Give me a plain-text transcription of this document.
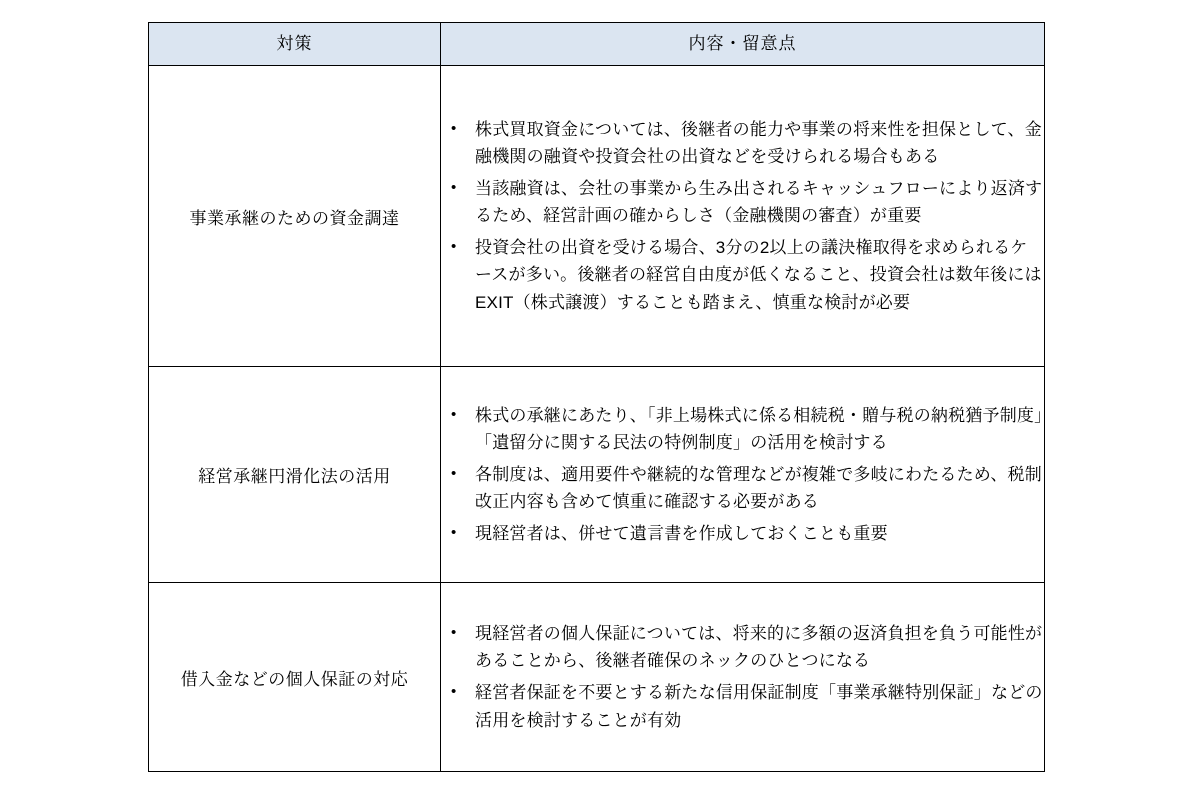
対策	内容・留意点
事業承継のための資金調達	
• 株式買取資金については、後継者の能力や事業の将来性を担保として、金融機関の融資や投資会社の出資などを受けられる場合もある
• 当該融資は、会社の事業から生み出されるキャッシュフローにより返済するため、経営計画の確からしさ（金融機関の審査）が重要
• 投資会社の出資を受ける場合、3分の2以上の議決権取得を求められるケースが多い。後継者の経営自由度が低くなること、投資会社は数年後にはEXIT（株式譲渡）することも踏まえ、慎重な検討が必要

経営承継円滑化法の活用	
• 株式の承継にあたり、「非上場株式に係る相続税・贈与税の納税猶予制度」「遺留分に関する民法の特例制度」の活用を検討する
• 各制度は、適用要件や継続的な管理などが複雑で多岐にわたるため、税制改正内容も含めて慎重に確認する必要がある
• 現経営者は、併せて遺言書を作成しておくことも重要

借入金などの個人保証の対応	
• 現経営者の個人保証については、将来的に多額の返済負担を負う可能性があることから、後継者確保のネックのひとつになる
• 経営者保証を不要とする新たな信用保証制度「事業承継特別保証」などの活用を検討することが有効
